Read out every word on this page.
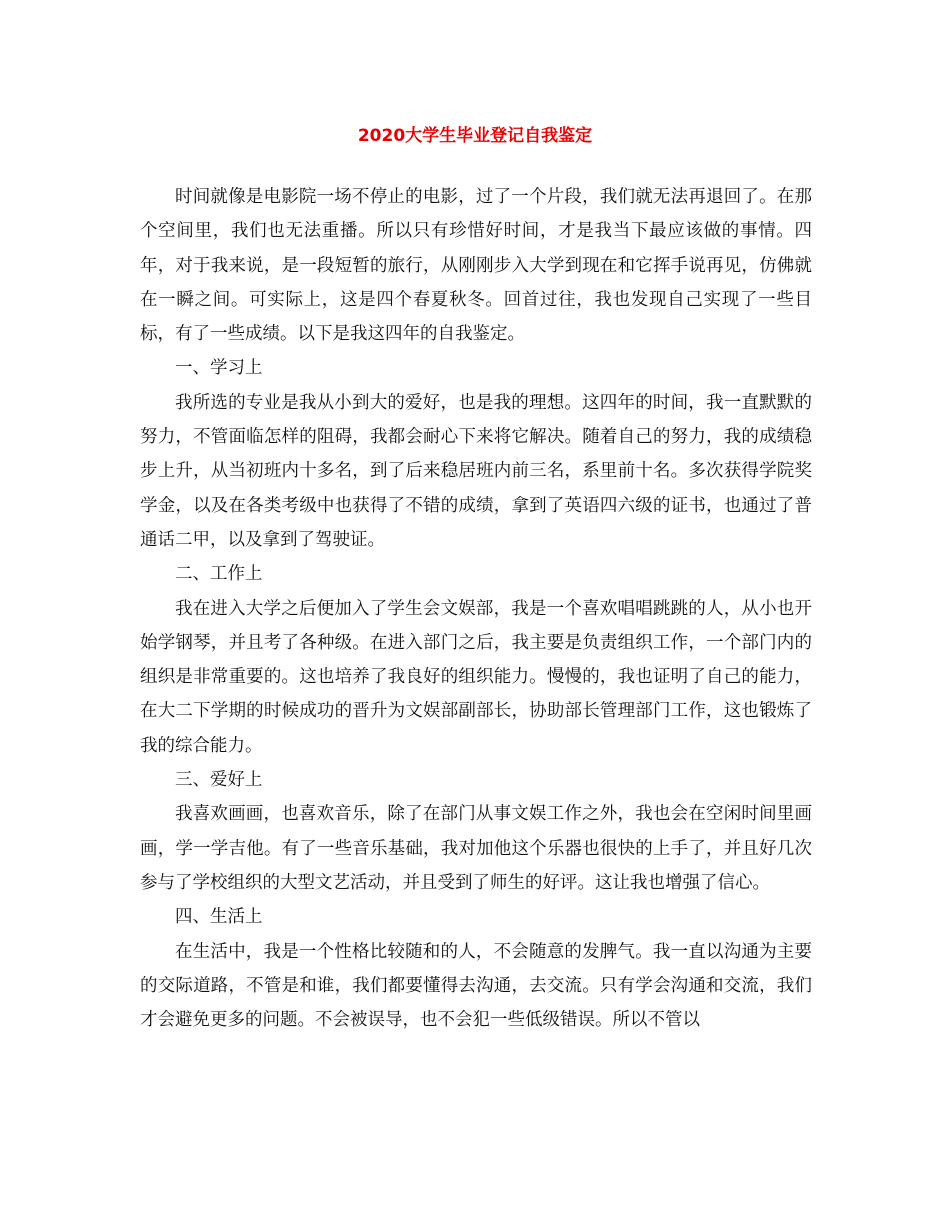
2020大学生毕业登记自我鉴定

时间就像是电影院一场不停止的电影，过了一个片段，我们就无法再退回了。在那个空间里，我们也无法重播。所以只有珍惜好时间，才是我当下最应该做的事情。四年，对于我来说，是一段短暂的旅行，从刚刚步入大学到现在和它挥手说再见，仿佛就在一瞬之间。可实际上，这是四个春夏秋冬。回首过往，我也发现自己实现了一些目标，有了一些成绩。以下是我这四年的自我鉴定。

一、学习上

我所选的专业是我从小到大的爱好，也是我的理想。这四年的时间，我一直默默的努力，不管面临怎样的阻碍，我都会耐心下来将它解决。随着自己的努力，我的成绩稳步上升，从当初班内十多名，到了后来稳居班内前三名，系里前十名。多次获得学院奖学金，以及在各类考级中也获得了不错的成绩，拿到了英语四六级的证书，也通过了普通话二甲，以及拿到了驾驶证。

二、工作上

我在进入大学之后便加入了学生会文娱部，我是一个喜欢唱唱跳跳的人，从小也开始学钢琴，并且考了各种级。在进入部门之后，我主要是负责组织工作，一个部门内的组织是非常重要的。这也培养了我良好的组织能力。慢慢的，我也证明了自己的能力，在大二下学期的时候成功的晋升为文娱部副部长，协助部长管理部门工作，这也锻炼了我的综合能力。

三、爱好上

我喜欢画画，也喜欢音乐，除了在部门从事文娱工作之外，我也会在空闲时间里画画，学一学吉他。有了一些音乐基础，我对加他这个乐器也很快的上手了，并且好几次参与了学校组织的大型文艺活动，并且受到了师生的好评。这让我也增强了信心。

四、生活上

在生活中，我是一个性格比较随和的人，不会随意的发脾气。我一直以沟通为主要的交际道路，不管是和谁，我们都要懂得去沟通，去交流。只有学会沟通和交流，我们才会避免更多的问题。不会被误导，也不会犯一些低级错误。所以不管以
